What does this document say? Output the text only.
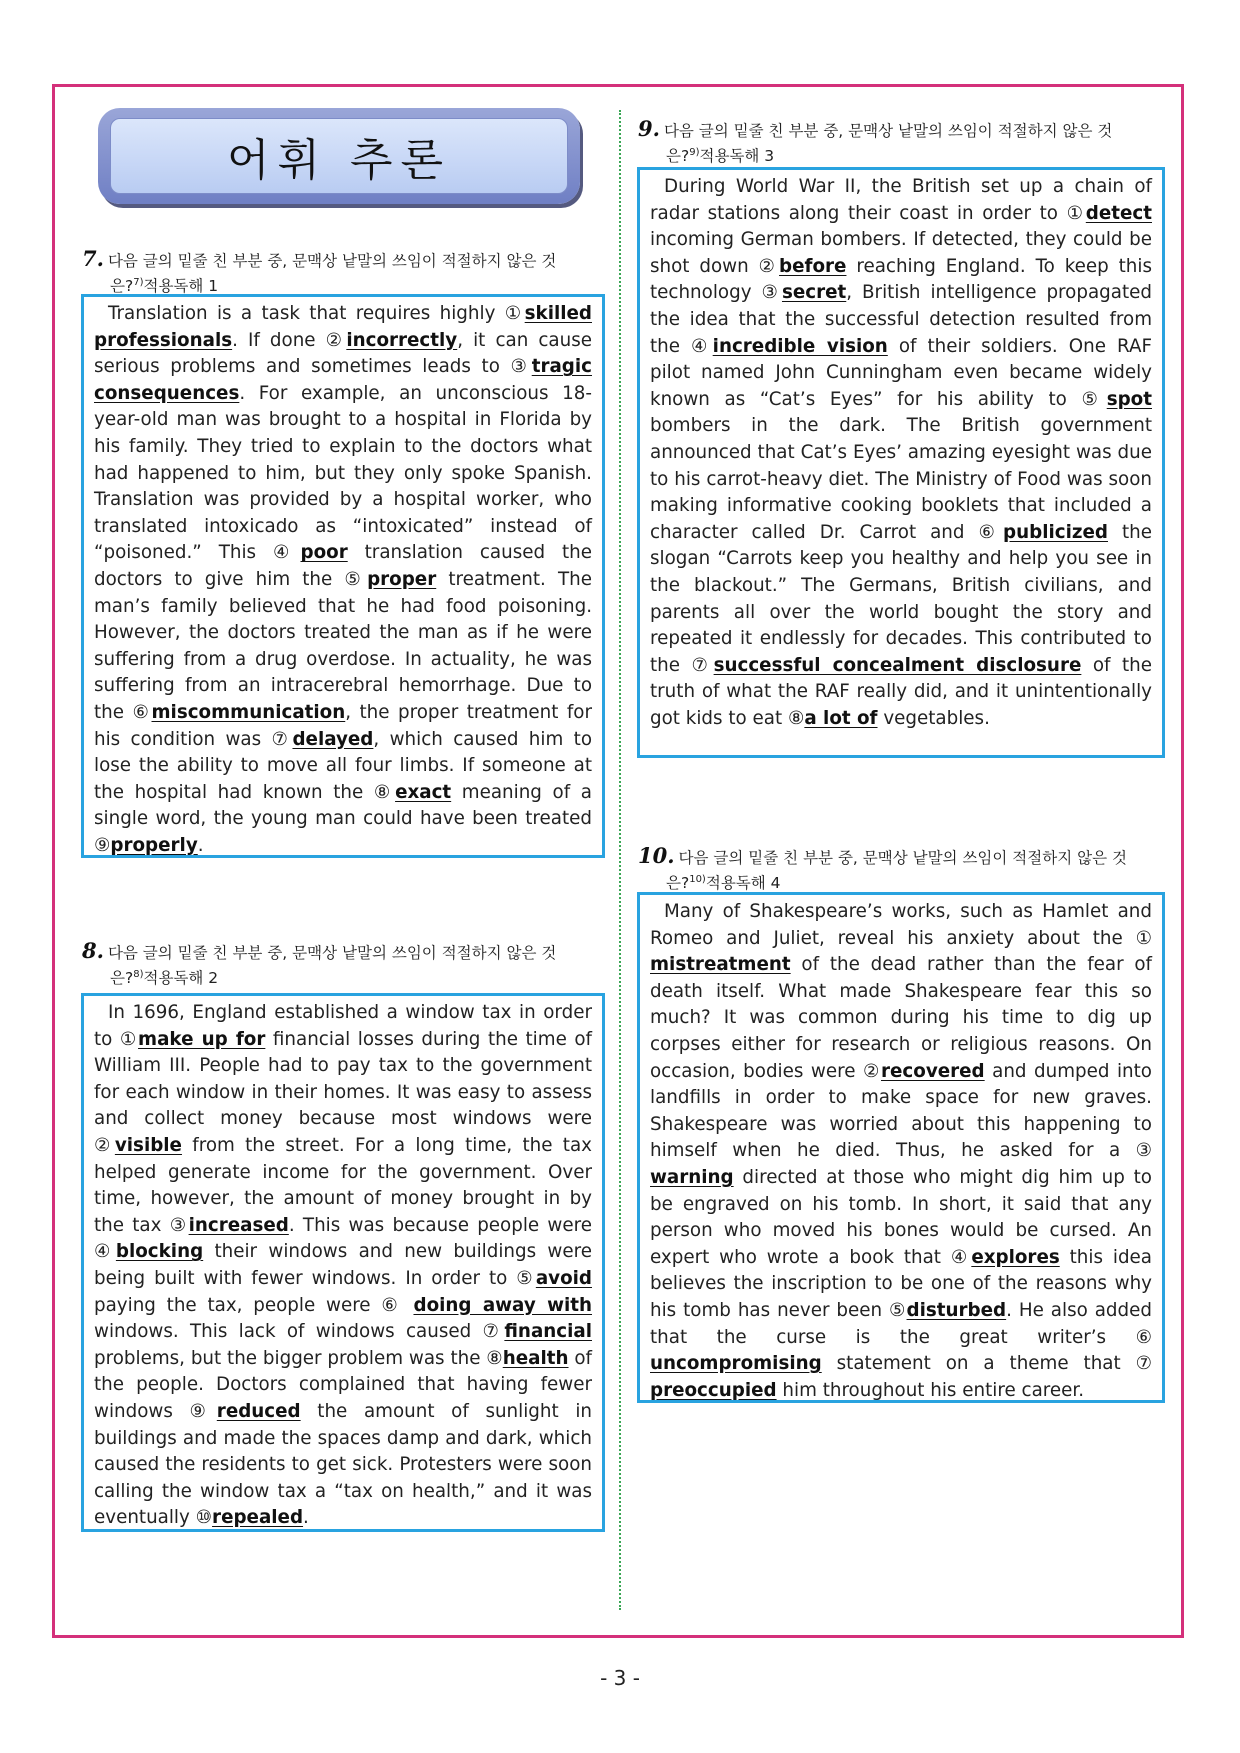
어휘 추론
7. 다음 글의 밑줄 친 부분 중, 문맥상 낱말의 쓰임이 적절하지 않은 것
은?$^{7)}$적용독해 1

Translation is a task that requires highly ①skilled professionals. If done ②incorrectly, it can cause serious problems and sometimes leads to ③tragic consequences. For example, an unconscious 18-year-old man was brought to a hospital in Florida by his family. They tried to explain to the doctors what had happened to him, but they only spoke Spanish. Translation was provided by a hospital worker, who translated intoxicado as “intoxicated” instead of “poisoned.” This ④poor translation caused the doctors to give him the ⑤proper treatment. The man’s family believed that he had food poisoning. However, the doctors treated the man as if he were suffering from a drug overdose. In actuality, he was suffering from an intracerebral hemorrhage. Due to the ⑥miscommunication, the proper treatment for his condition was ⑦delayed, which caused him to lose the ability to move all four limbs. If someone at the hospital had known the ⑧exact meaning of a single word, the young man could have been treated ⑨properly.

8. 다음 글의 밑줄 친 부분 중, 문맥상 낱말의 쓰임이 적절하지 않은 것
은?$^{8)}$적용독해 2

In 1696, England established a window tax in order to ①make up for financial losses during the time of William III. People had to pay tax to the government for each window in their homes. It was easy to assess and collect money because most windows were ②visible from the street. For a long time, the tax helped generate income for the government. Over time, however, the amount of money brought in by the tax ③increased. This was because people were ④blocking their windows and new buildings were being built with fewer windows. In order to ⑤avoid paying the tax, people were ⑥ doing away with windows. This lack of windows caused ⑦financial problems, but the bigger problem was the ⑧health of the people. Doctors complained that having fewer windows ⑨reduced the amount of sunlight in buildings and made the spaces damp and dark, which caused the residents to get sick. Protesters were soon calling the window tax a “tax on health,” and it was eventually ⑩repealed.

9. 다음 글의 밑줄 친 부분 중, 문맥상 낱말의 쓰임이 적절하지 않은 것
은?$^{9)}$적용독해 3

During World War II, the British set up a chain of radar stations along their coast in order to ①detect incoming German bombers. If detected, they could be shot down ②before reaching England. To keep this technology ③secret, British intelligence propagated the idea that the successful detection resulted from the ④incredible vision of their soldiers. One RAF pilot named John Cunningham even became widely known as “Cat’s Eyes” for his ability to ⑤spot bombers in the dark. The British government announced that Cat’s Eyes’ amazing eyesight was due to his carrot-heavy diet. The Ministry of Food was soon making informative cooking booklets that included a character called Dr. Carrot and ⑥publicized the slogan “Carrots keep you healthy and help you see in the blackout.” The Germans, British civilians, and parents all over the world bought the story and repeated it endlessly for decades. This contributed to the ⑦successful concealment disclosure of the truth of what the RAF really did, and it unintentionally got kids to eat ⑧a lot of vegetables.

10. 다음 글의 밑줄 친 부분 중, 문맥상 낱말의 쓰임이 적절하지 않은 것
은?$^{10)}$적용독해 4

Many of Shakespeare’s works, such as Hamlet and Romeo and Juliet, reveal his anxiety about the ① mistreatment of the dead rather than the fear of death itself. What made Shakespeare fear this so much? It was common during his time to dig up corpses either for research or religious reasons. On occasion, bodies were ②recovered and dumped into landfills in order to make space for new graves. Shakespeare was worried about this happening to himself when he died. Thus, he asked for a ③ warning directed at those who might dig him up to be engraved on his tomb. In short, it said that any person who moved his bones would be cursed. An expert who wrote a book that ④explores this idea believes the inscription to be one of the reasons why his tomb has never been ⑤disturbed. He also added that the curse is the great writer’s ⑥ uncompromising statement on a theme that ⑦ preoccupied him throughout his entire career.

- 3 -
